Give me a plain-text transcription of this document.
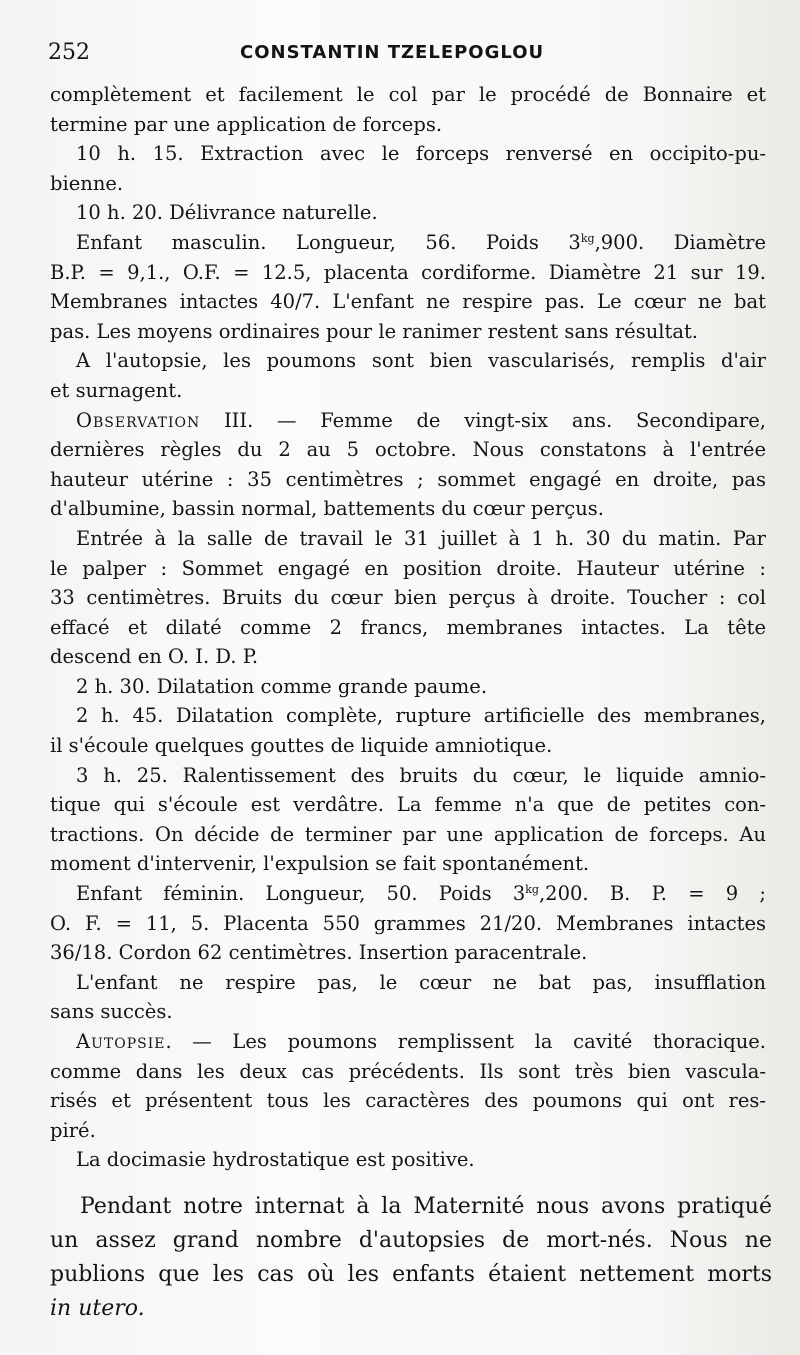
252	CONSTANTIN TZELEPOGLOU
complètement et facilement le col par le procédé de Bonnaire et
termine par une application de forceps.
10 h. 15. Extraction avec le forceps renversé en occipito-pu-
bienne.
10 h. 20. Délivrance naturelle.
Enfant masculin. Longueur, 56. Poids $3^{kg},900$. Diamètre
B.P. = 9,1., O.F. = 12.5, placenta cordiforme. Diamètre 21 sur 19.
Membranes intactes 40/7. L'enfant ne respire pas. Le cœur ne bat
pas. Les moyens ordinaires pour le ranimer restent sans résultat.
A l'autopsie, les poumons sont bien vascularisés, remplis d'air
et surnagent.
Observation III. — Femme de vingt-six ans. Secondipare,
dernières règles du 2 au 5 octobre. Nous constatons à l'entrée
hauteur utérine : 35 centimètres ; sommet engagé en droite, pas
d'albumine, bassin normal, battements du cœur perçus.
Entrée à la salle de travail le 31 juillet à 1 h. 30 du matin. Par
le palper : Sommet engagé en position droite. Hauteur utérine :
33 centimètres. Bruits du cœur bien perçus à droite. Toucher : col
effacé et dilaté comme 2 francs, membranes intactes. La tête
descend en O. I. D. P.
2 h. 30. Dilatation comme grande paume.
2 h. 45. Dilatation complète, rupture artificielle des membranes,
il s'écoule quelques gouttes de liquide amniotique.
3 h. 25. Ralentissement des bruits du cœur, le liquide amnio-
tique qui s'écoule est verdâtre. La femme n'a que de petites con-
tractions. On décide de terminer par une application de forceps. Au
moment d'intervenir, l'expulsion se fait spontanément.
Enfant féminin. Longueur, 50. Poids $3^{kg},200$. B. P. = 9 ;
O. F. = 11, 5. Placenta 550 grammes 21/20. Membranes intactes
36/18. Cordon 62 centimètres. Insertion paracentrale.
L'enfant ne respire pas, le cœur ne bat pas, insufflation
sans succès.
Autopsie. — Les poumons remplissent la cavité thoracique.
comme dans les deux cas précédents. Ils sont très bien vascula-
risés et présentent tous les caractères des poumons qui ont res-
piré.
La docimasie hydrostatique est positive.
Pendant notre internat à la Maternité nous avons pratiqué
un assez grand nombre d'autopsies de mort-nés. Nous ne
publions que les cas où les enfants étaient nettement morts
in utero.
